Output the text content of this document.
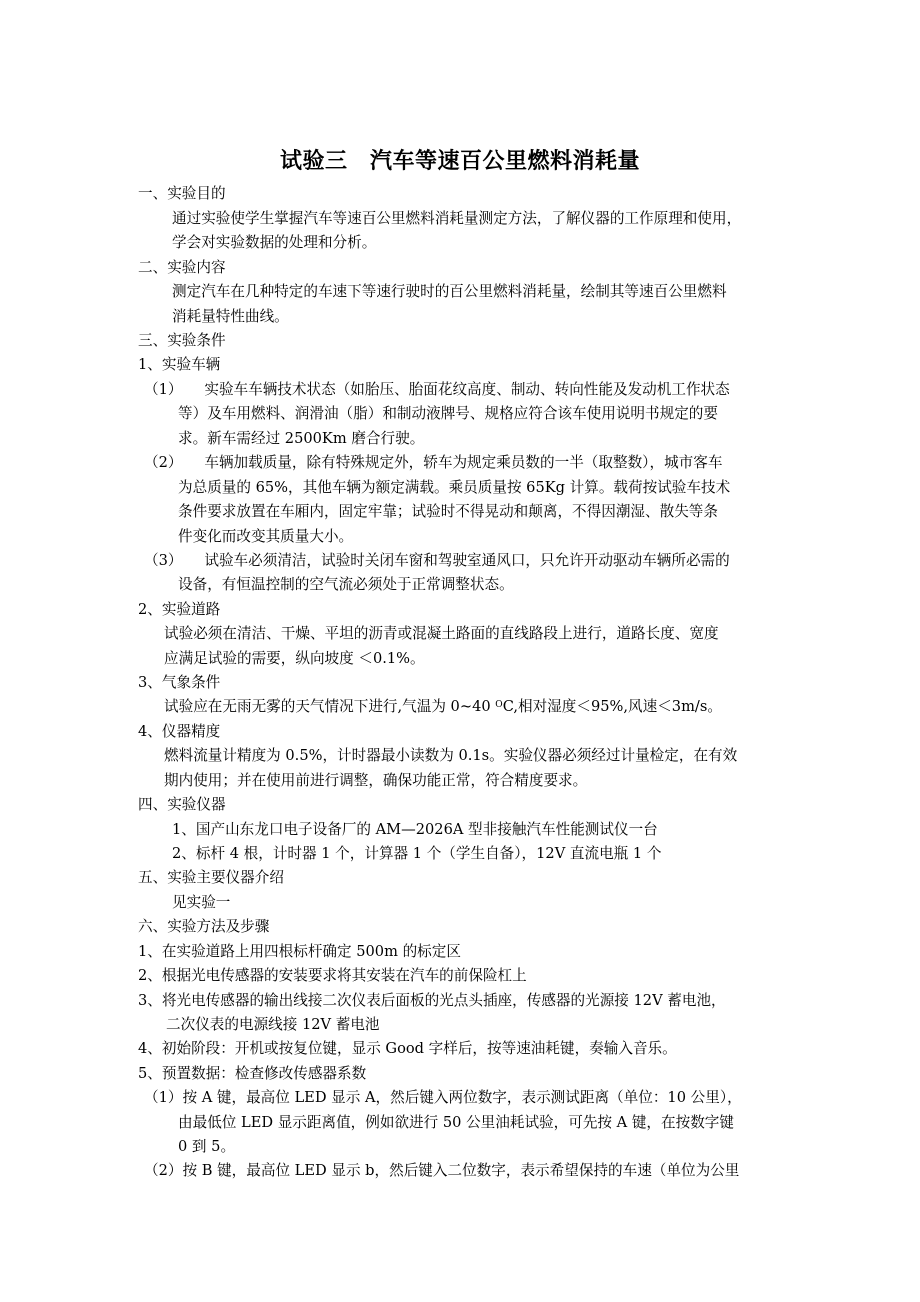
试验三　汽车等速百公里燃料消耗量
一、实验目的
通过实验使学生掌握汽车等速百公里燃料消耗量测定方法，了解仪器的工作原理和使用，
学会对实验数据的处理和分析。
二、实验内容
测定汽车在几种特定的车速下等速行驶时的百公里燃料消耗量，绘制其等速百公里燃料
消耗量特性曲线。
三、实验条件
1、实验车辆
（1）　　实验车车辆技术状态（如胎压、胎面花纹高度、制动、转向性能及发动机工作状态
等）及车用燃料、润滑油（脂）和制动液牌号、规格应符合该车使用说明书规定的要
求。新车需经过 2500Km 磨合行驶。
（2）　　车辆加载质量，除有特殊规定外，轿车为规定乘员数的一半（取整数），城市客车
为总质量的 65%，其他车辆为额定满载。乘员质量按 65Kg 计算。载荷按试验车技术
条件要求放置在车厢内，固定牢靠；试验时不得晃动和颠离，不得因潮湿、散失等条
件变化而改变其质量大小。
（3）　　试验车必须清洁，试验时关闭车窗和驾驶室通风口，只允许开动驱动车辆所必需的
设备，有恒温控制的空气流必须处于正常调整状态。
2、实验道路
试验必须在清洁、干燥、平坦的沥青或混凝土路面的直线路段上进行，道路长度、宽度
应满足试验的需要，纵向坡度 ＜0.1%。
3、气象条件
试验应在无雨无雾的天气情况下进行,气温为 0~40 $^O$C,相对湿度＜95%,风速＜3m/s。
4、仪器精度
燃料流量计精度为 0.5%，计时器最小读数为 0.1s。实验仪器必须经过计量检定，在有效
期内使用；并在使用前进行调整，确保功能正常，符合精度要求。
四、实验仪器
1、国产山东龙口电子设备厂的 AM—2026A 型非接触汽车性能测试仪一台
2、标杆 4 根，计时器 1 个，计算器 1 个（学生自备），12V 直流电瓶 1 个
五、实验主要仪器介绍
见实验一
六、实验方法及步骤
1、在实验道路上用四根标杆确定 500m 的标定区
2、根据光电传感器的安装要求将其安装在汽车的前保险杠上
3、将光电传感器的输出线接二次仪表后面板的光点头插座，传感器的光源接 12V 蓄电池，
二次仪表的电源线接 12V 蓄电池
4、初始阶段：开机或按复位键，显示 Good 字样后，按等速油耗键，奏输入音乐。
5、预置数据：检查修改传感器系数
（1）按 A 键，最高位 LED 显示 A，然后键入两位数字，表示测试距离（单位：10 公里），
由最低位 LED 显示距离值，例如欲进行 50 公里油耗试验，可先按 A 键，在按数字键
0 到 5。
（2）按 B 键，最高位 LED 显示 b，然后键入二位数字，表示希望保持的车速（单位为公里
